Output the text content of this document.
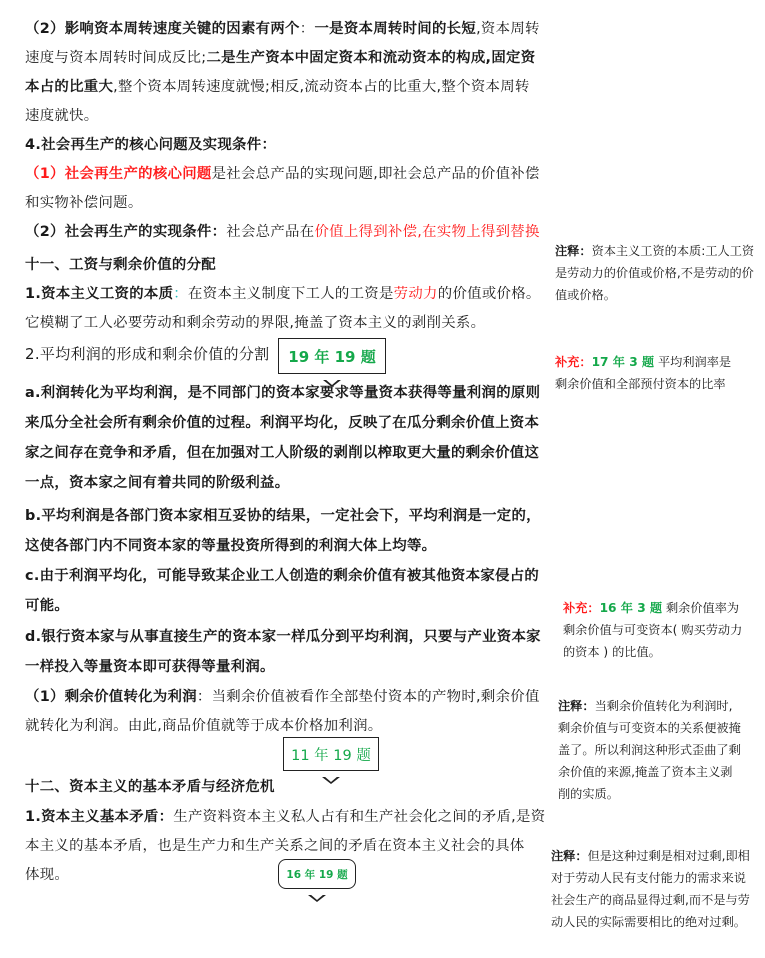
（2）影响资本周转速度关键的因素有两个：一是资本周转时间的长短,资本周转
速度与资本周转时间成反比;二是生产资本中固定资本和流动资本的构成,固定资
本占的比重大,整个资本周转速度就慢;相反,流动资本占的比重大,整个资本周转
速度就快。
4.社会再生产的核心问题及实现条件：
（1）社会再生产的核心问题是社会总产品的实现问题,即社会总产品的价值补偿
和实物补偿问题。
（2）社会再生产的实现条件：社会总产品在价值上得到补偿,在实物上得到替换
十一、工资与剩余价值的分配
1.资本主义工资的本质：在资本主义制度下工人的工资是劳动力的价值或价格。
它模糊了工人必要劳动和剩余劳动的界限,掩盖了资本主义的剥削关系。
2.平均利润的形成和剩余价值的分割
a.利润转化为平均利润，是不同部门的资本家要求等量资本获得等量利润的原则
来瓜分全社会所有剩余价值的过程。利润平均化，反映了在瓜分剩余价值上资本
家之间存在竞争和矛盾，但在加强对工人阶级的剥削以榨取更大量的剩余价值这
一点，资本家之间有着共同的阶级利益。
b.平均利润是各部门资本家相互妥协的结果，一定社会下，平均利润是一定的，
这使各部门内不同资本家的等量投资所得到的利润大体上均等。
c.由于利润平均化，可能导致某企业工人创造的剩余价值有被其他资本家侵占的
可能。
d.银行资本家与从事直接生产的资本家一样瓜分到平均利润，只要与产业资本家
一样投入等量资本即可获得等量利润。
（1）剩余价值转化为利润：当剩余价值被看作全部垫付资本的产物时,剩余价值
就转化为利润。由此,商品价值就等于成本价格加利润。
十二、资本主义的基本矛盾与经济危机
1.资本主义基本矛盾：生产资料资本主义私人占有和生产社会化之间的矛盾,是资
本主义的基本矛盾，也是生产力和生产关系之间的矛盾在资本主义社会的具体
体现。
19 年 19 题
11 年 19 题
16 年 19 题
注释：资本主义工资的本质:工人工资是劳动力的价值或价格,不是劳动的价值或价格。
补充：17 年 3 题 平均利润率是剩余价值和全部预付资本的比率
补充：16 年 3 题 剩余价值率为剩余价值与可变资本( 购买劳动力的资本 ) 的比值。
注释：当剩余价值转化为利润时,剩余价值与可变资本的关系便被掩盖了。所以利润这种形式歪曲了剩余价值的来源,掩盖了资本主义剥削的实质。
注释：但是这种过剩是相对过剩,即相对于劳动人民有支付能力的需求来说社会生产的商品显得过剩,而不是与劳动人民的实际需要相比的绝对过剩。
